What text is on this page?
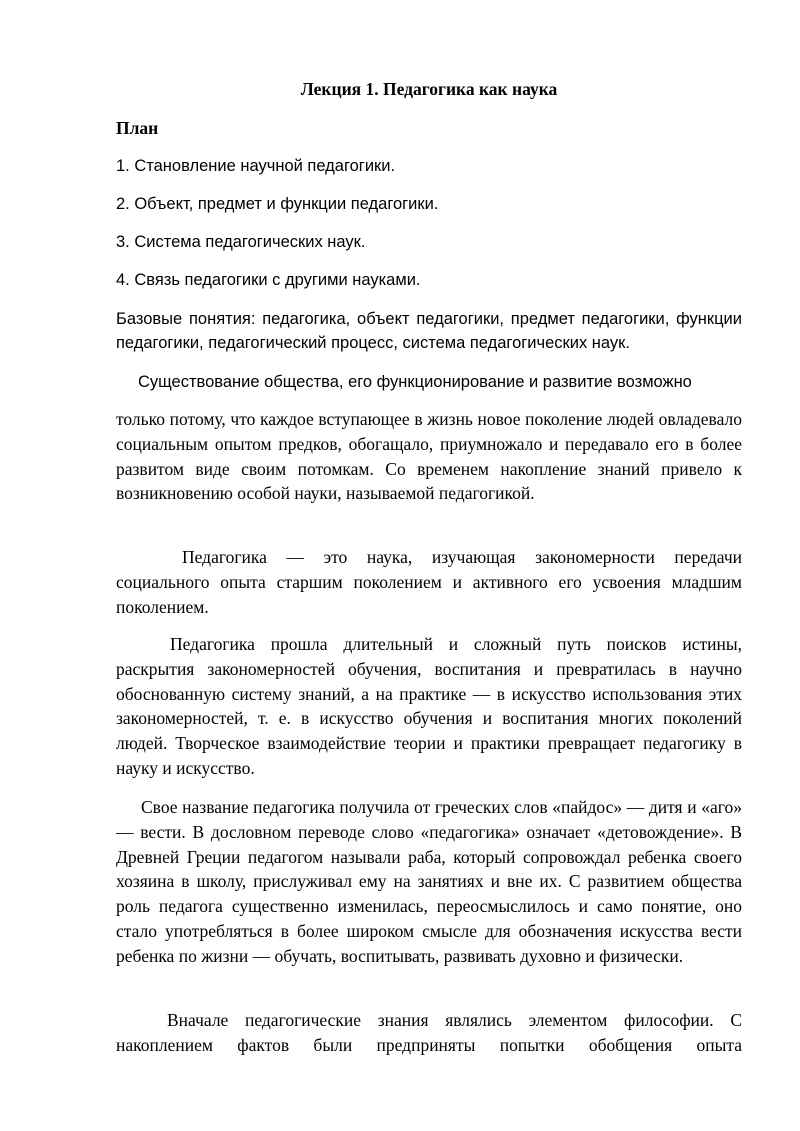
Лекция 1. Педагогика как наука
План

1. Становление научной педагогики.

2. Объект, предмет и функции педагогики.

3. Система педагогических наук.

4. Связь педагогики с другими науками.

Базовые понятия: педагогика, объект педагогики, предмет педагогики, функции педагогики, педагогический процесс, система педагогических наук.

Существование общества, его функционирование и развитие возможно

только потому, что каждое вступающее в жизнь новое поколение людей овладевало социальным опытом предков, обогащало, приумножало и передавало его в более развитом виде своим потомкам. Со временем накопление знаний привело к возникновению особой науки, называемой педагогикой.

Педагогика — это наука, изучающая закономерности передачи социального опыта старшим поколением и активного его усвоения младшим поколением.

Педагогика прошла длительный и сложный путь поисков истины, раскрытия закономерностей обучения, воспитания и превратилась в научно обоснованную систему знаний, а на практике — в искусство использования этих закономерностей, т. е. в искусство обучения и воспитания многих поколений людей. Творческое взаимодействие теории и практики превращает педагогику в науку и искусство.

Свое название педагогика получила от греческих слов «пайдос» — дитя и «аго» — вести. В дословном переводе слово «педагогика» означает «детовождение». В Древней Греции педагогом называли раба, который сопровождал ребенка своего хозяина в школу, прислуживал ему на занятиях и вне их. С развитием общества роль педагога существенно изменилась, переосмыслилось и само понятие, оно стало употребляться в более широком смысле для обозначения искусства вести ребенка по жизни — обучать, воспитывать, развивать духовно и физически.

Вначале педагогические знания являлись элементом философии. С накоплением фактов были предприняты попытки обобщения опыта
